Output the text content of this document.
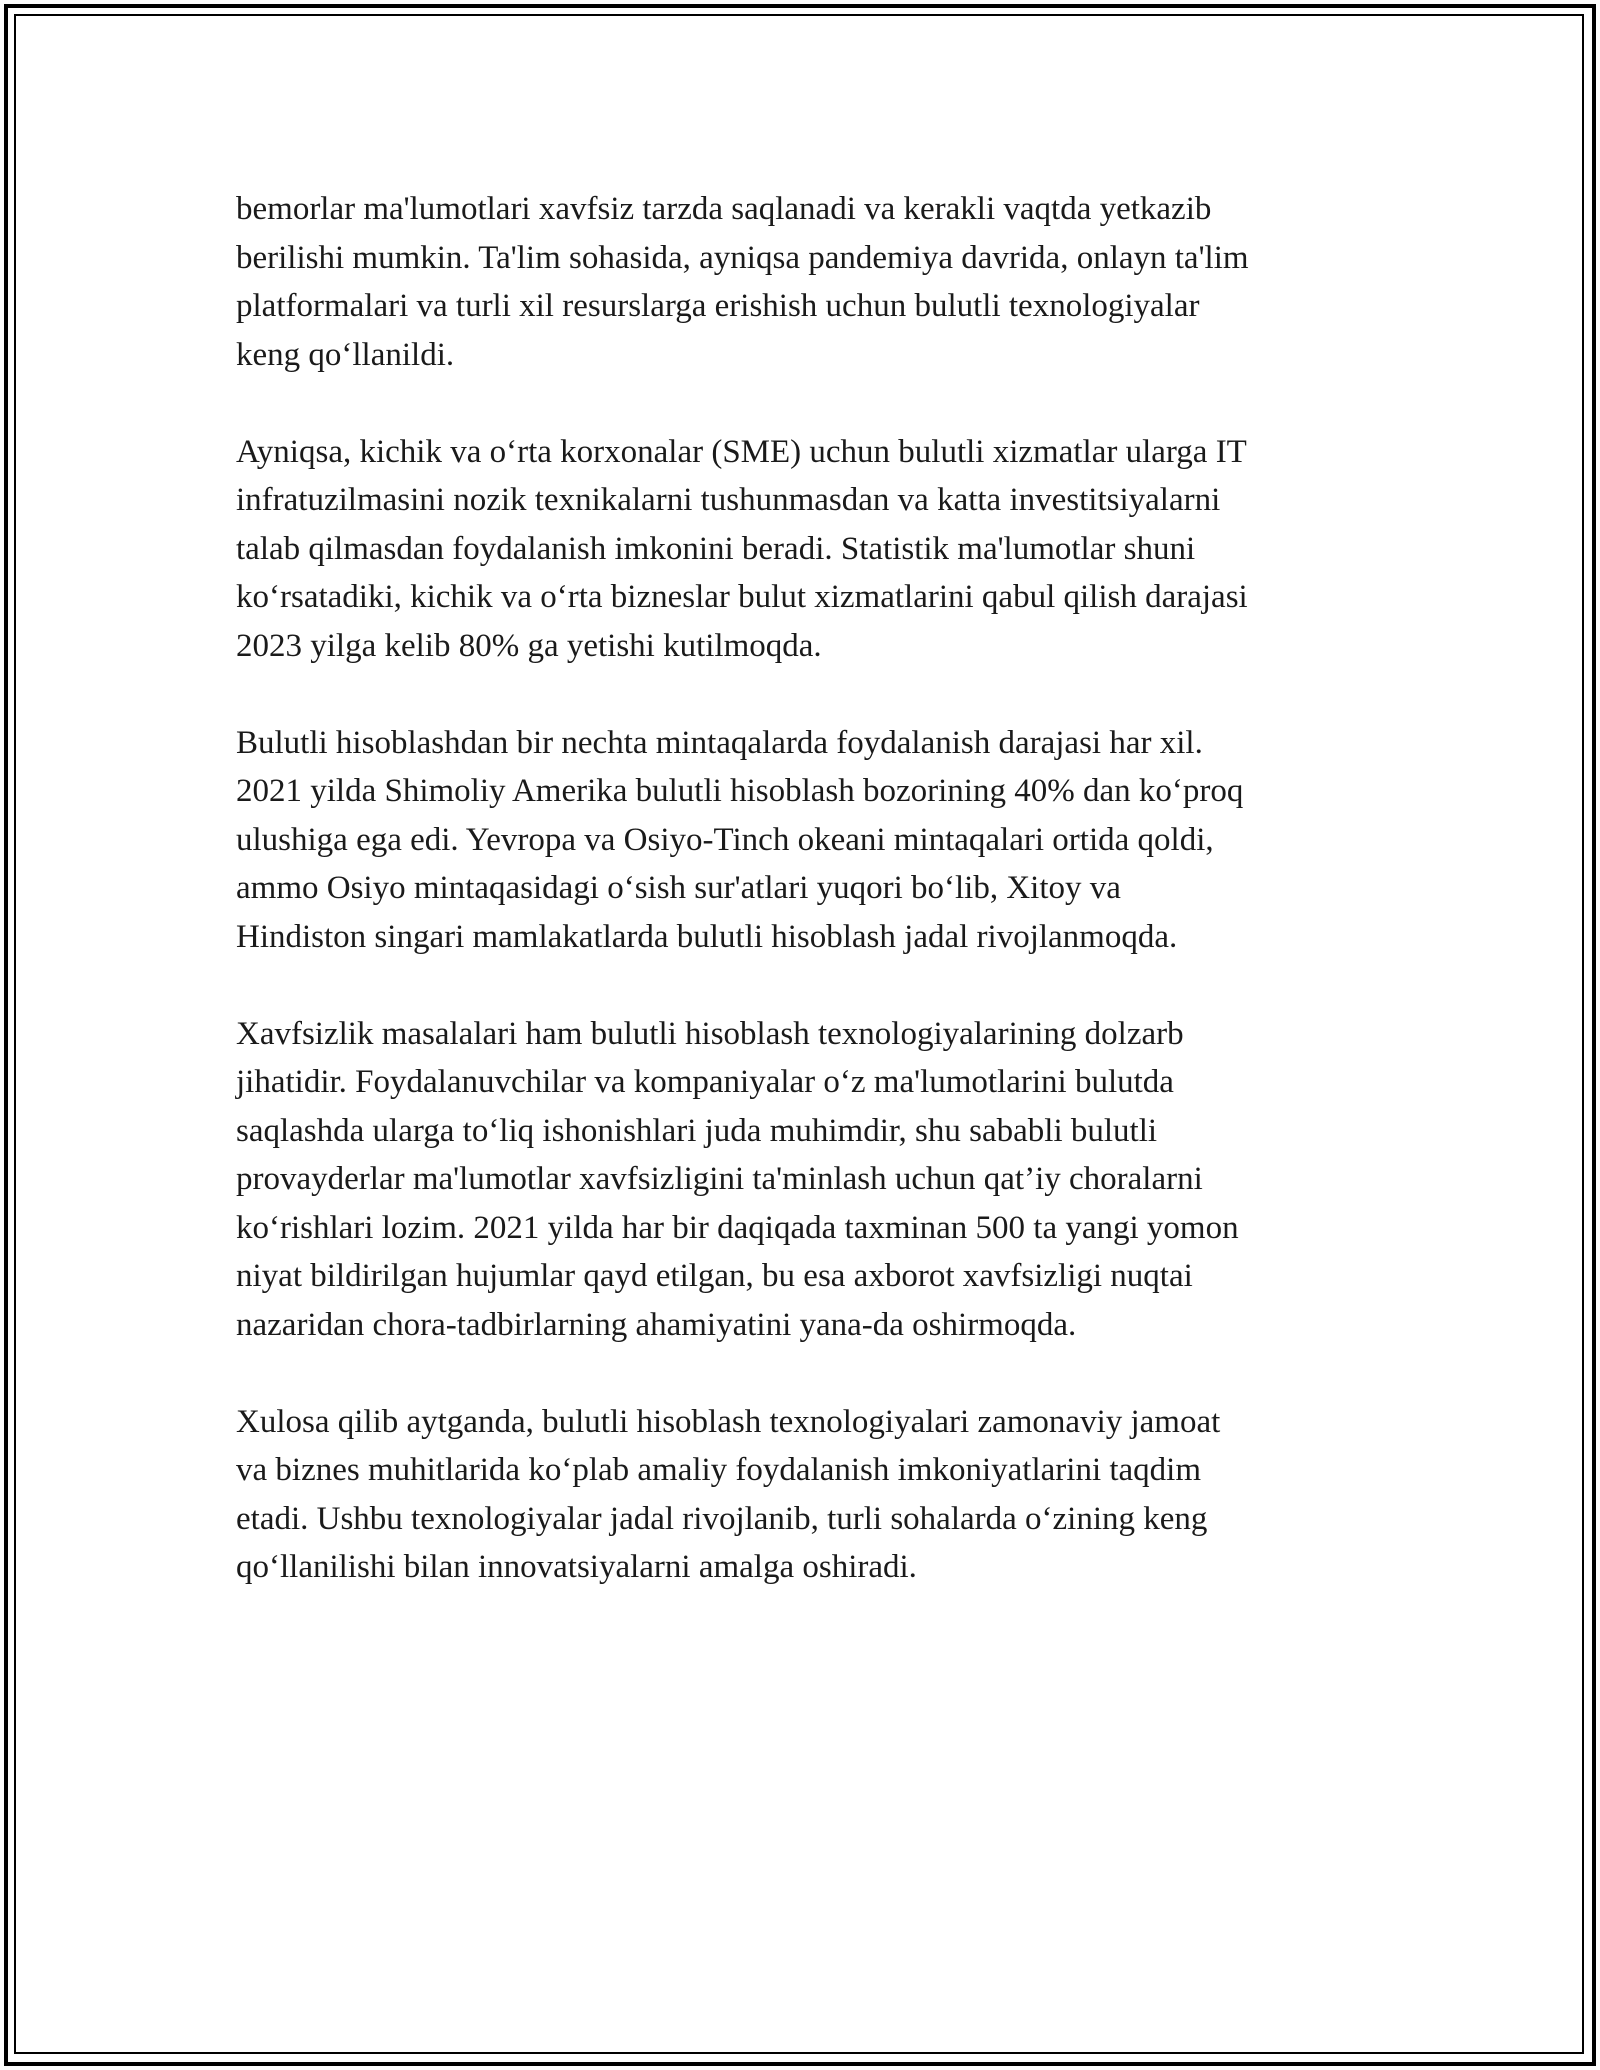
bemorlar ma'lumotlari xavfsiz tarzda saqlanadi va kerakli vaqtda yetkazib
berilishi mumkin. Ta'lim sohasida, ayniqsa pandemiya davrida, onlayn ta'lim
platformalari va turli xil resurslarga erishish uchun bulutli texnologiyalar
keng qo‘llanildi.

Ayniqsa, kichik va o‘rta korxonalar (SME) uchun bulutli xizmatlar ularga IT
infratuzilmasini nozik texnikalarni tushunmasdan va katta investitsiyalarni
talab qilmasdan foydalanish imkonini beradi. Statistik ma'lumotlar shuni
ko‘rsatadiki, kichik va o‘rta bizneslar bulut xizmatlarini qabul qilish darajasi
2023 yilga kelib 80% ga yetishi kutilmoqda.

Bulutli hisoblashdan bir nechta mintaqalarda foydalanish darajasi har xil.
2021 yilda Shimoliy Amerika bulutli hisoblash bozorining 40% dan ko‘proq
ulushiga ega edi. Yevropa va Osiyo-Tinch okeani mintaqalari ortida qoldi,
ammo Osiyo mintaqasidagi o‘sish sur'atlari yuqori bo‘lib, Xitoy va
Hindiston singari mamlakatlarda bulutli hisoblash jadal rivojlanmoqda.

Xavfsizlik masalalari ham bulutli hisoblash texnologiyalarining dolzarb
jihatidir. Foydalanuvchilar va kompaniyalar o‘z ma'lumotlarini bulutda
saqlashda ularga to‘liq ishonishlari juda muhimdir, shu sababli bulutli
provayderlar ma'lumotlar xavfsizligini ta'minlash uchun qat’iy choralarni
ko‘rishlari lozim. 2021 yilda har bir daqiqada taxminan 500 ta yangi yomon
niyat bildirilgan hujumlar qayd etilgan, bu esa axborot xavfsizligi nuqtai
nazaridan chora-tadbirlarning ahamiyatini yana-da oshirmoqda.

Xulosa qilib aytganda, bulutli hisoblash texnologiyalari zamonaviy jamoat
va biznes muhitlarida ko‘plab amaliy foydalanish imkoniyatlarini taqdim
etadi. Ushbu texnologiyalar jadal rivojlanib, turli sohalarda o‘zining keng
qo‘llanilishi bilan innovatsiyalarni amalga oshiradi.
